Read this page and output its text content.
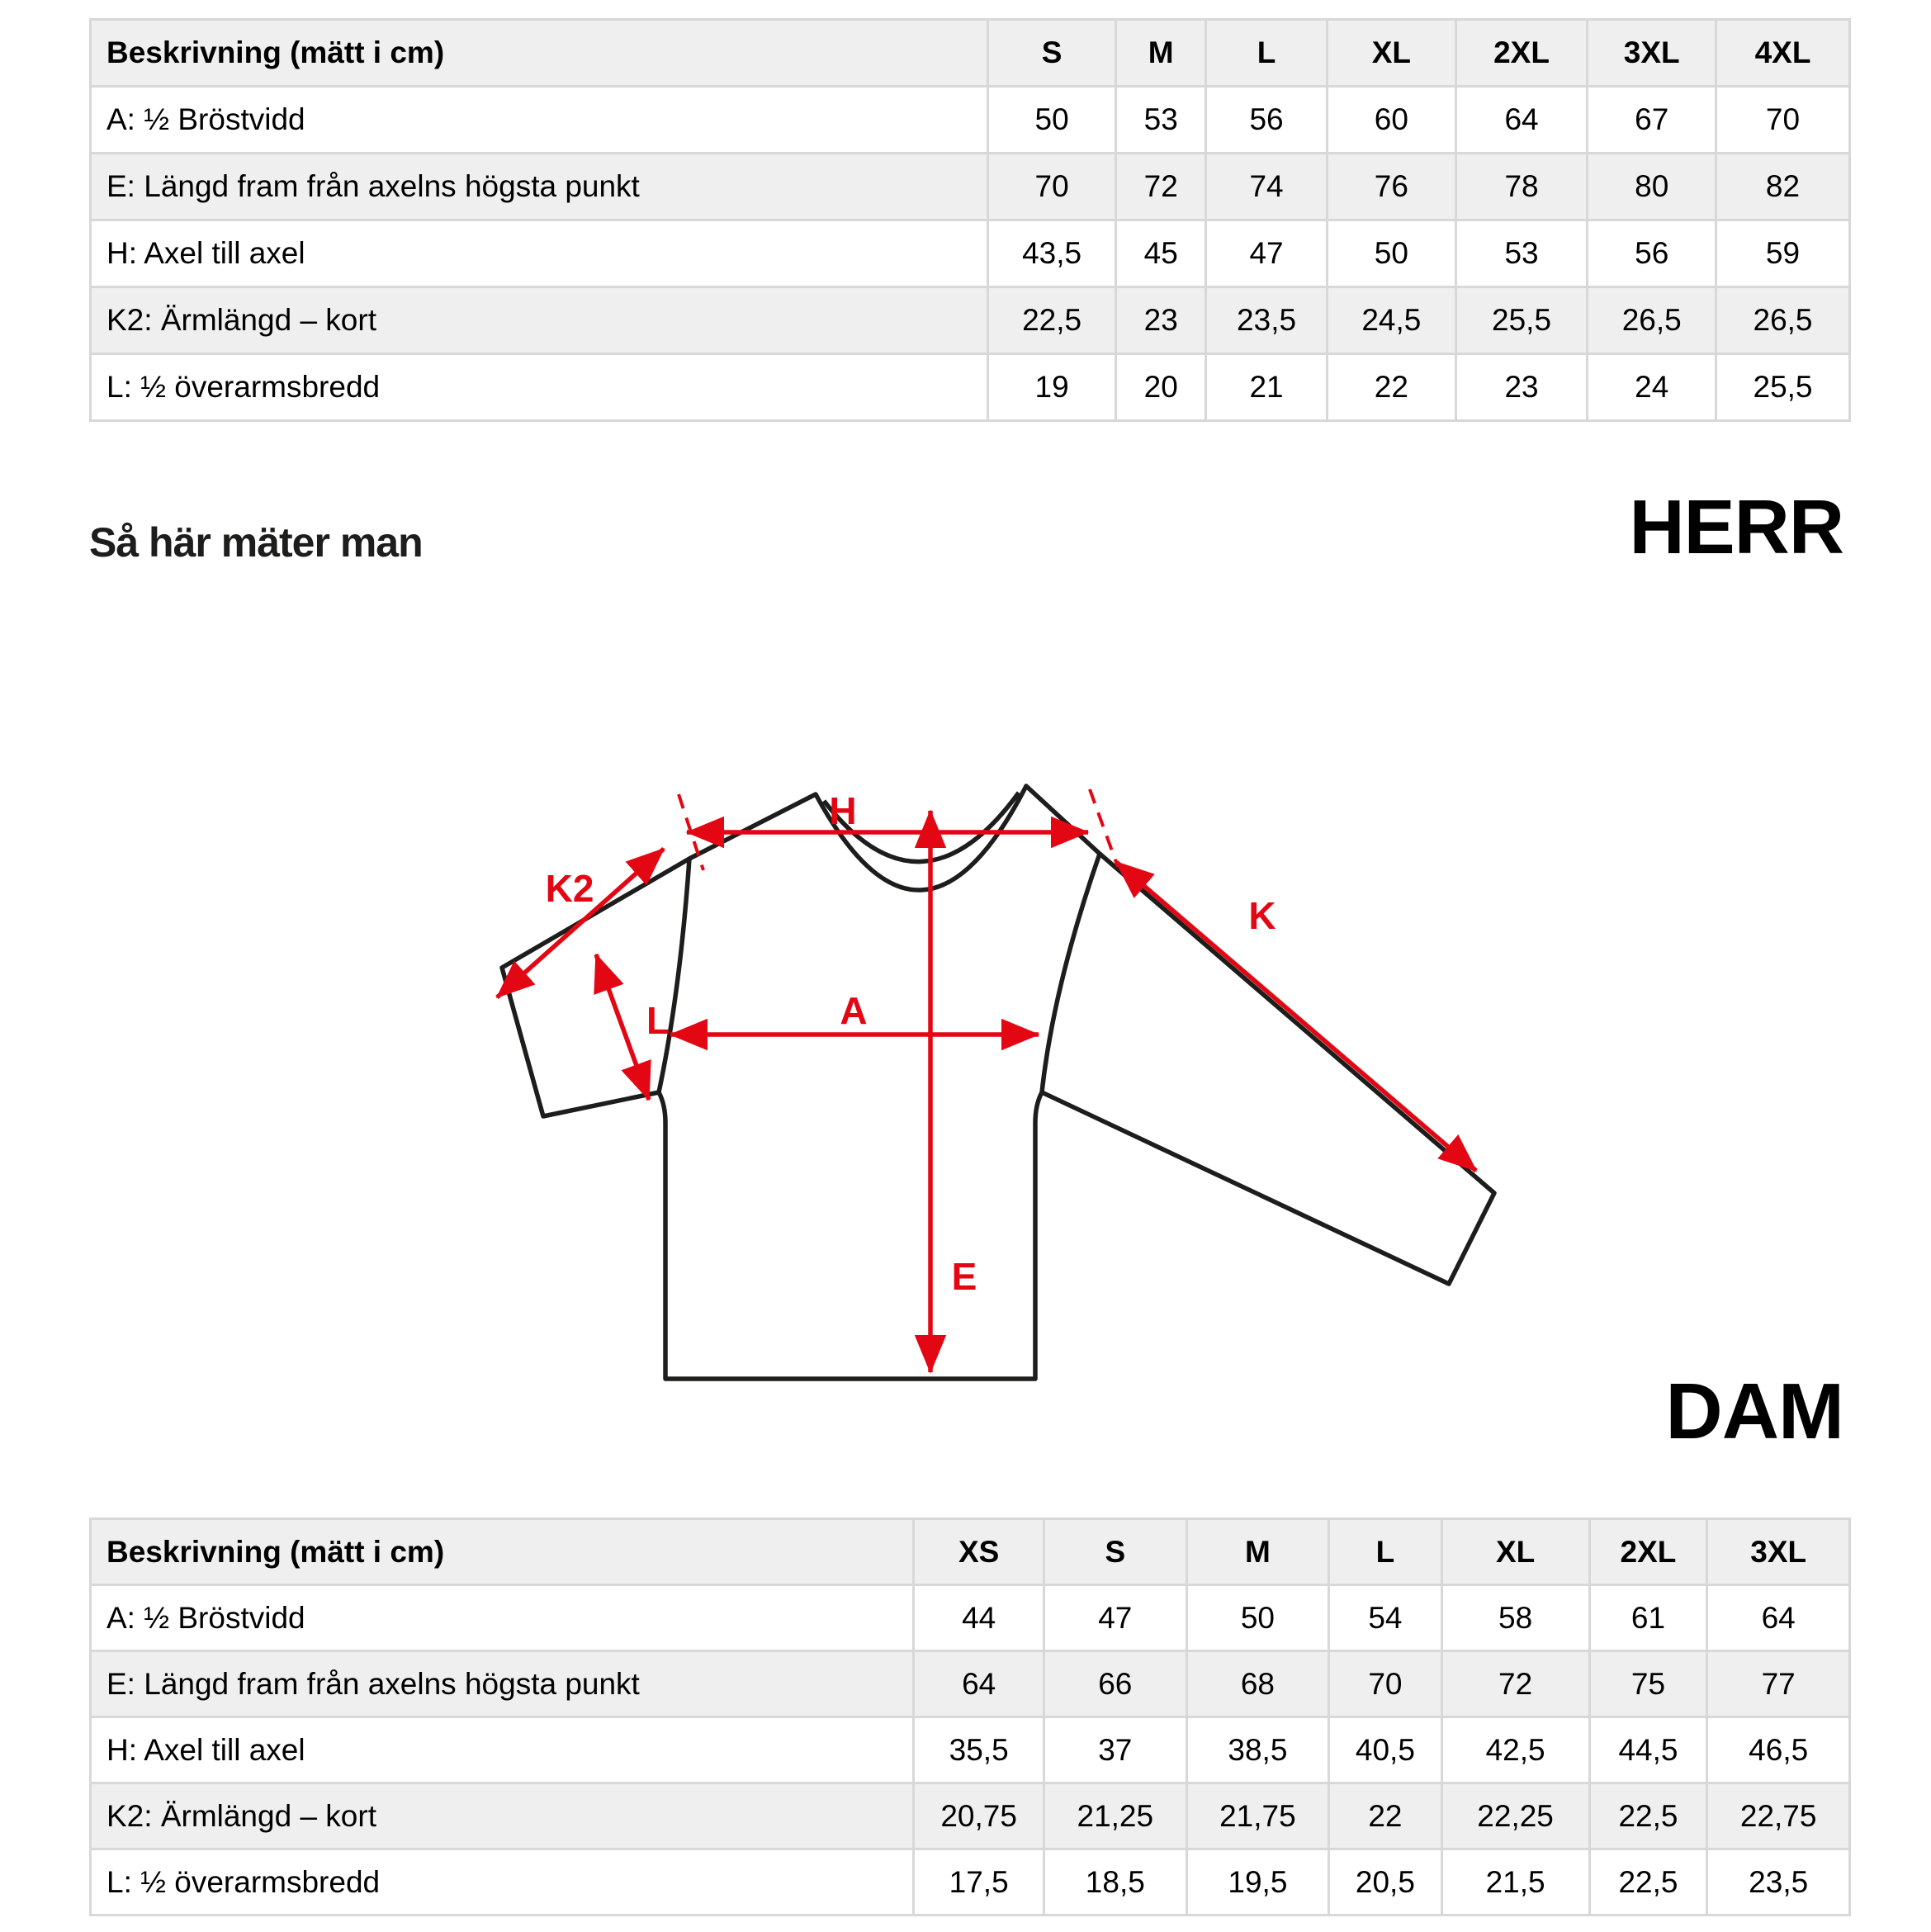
Beskrivning (mätt i cm)	S	M	L	XL	2XL	3XL	4XL
A: ½ Bröstvidd	50	53	56	60	64	67	70
E: Längd fram från axelns högsta punkt	70	72	74	76	78	80	82
H: Axel till axel	43,5	45	47	50	53	56	59
K2: Ärmlängd – kort	22,5	23	23,5	24,5	25,5	26,5	26,5
L: ½ överarmsbredd	19	20	21	22	23	24	25,5
Så här mäter man	HERR
H
K2
L	A
E
K
DAM
Beskrivning (mätt i cm)	XS	S	M	L	XL	2XL	3XL
A: ½ Bröstvidd	44	47	50	54	58	61	64
E: Längd fram från axelns högsta punkt	64	66	68	70	72	75	77
H: Axel till axel	35,5	37	38,5	40,5	42,5	44,5	46,5
K2: Ärmlängd – kort	20,75	21,25	21,75	22	22,25	22,5	22,75
L: ½ överarmsbredd	17,5	18,5	19,5	20,5	21,5	22,5	23,5
